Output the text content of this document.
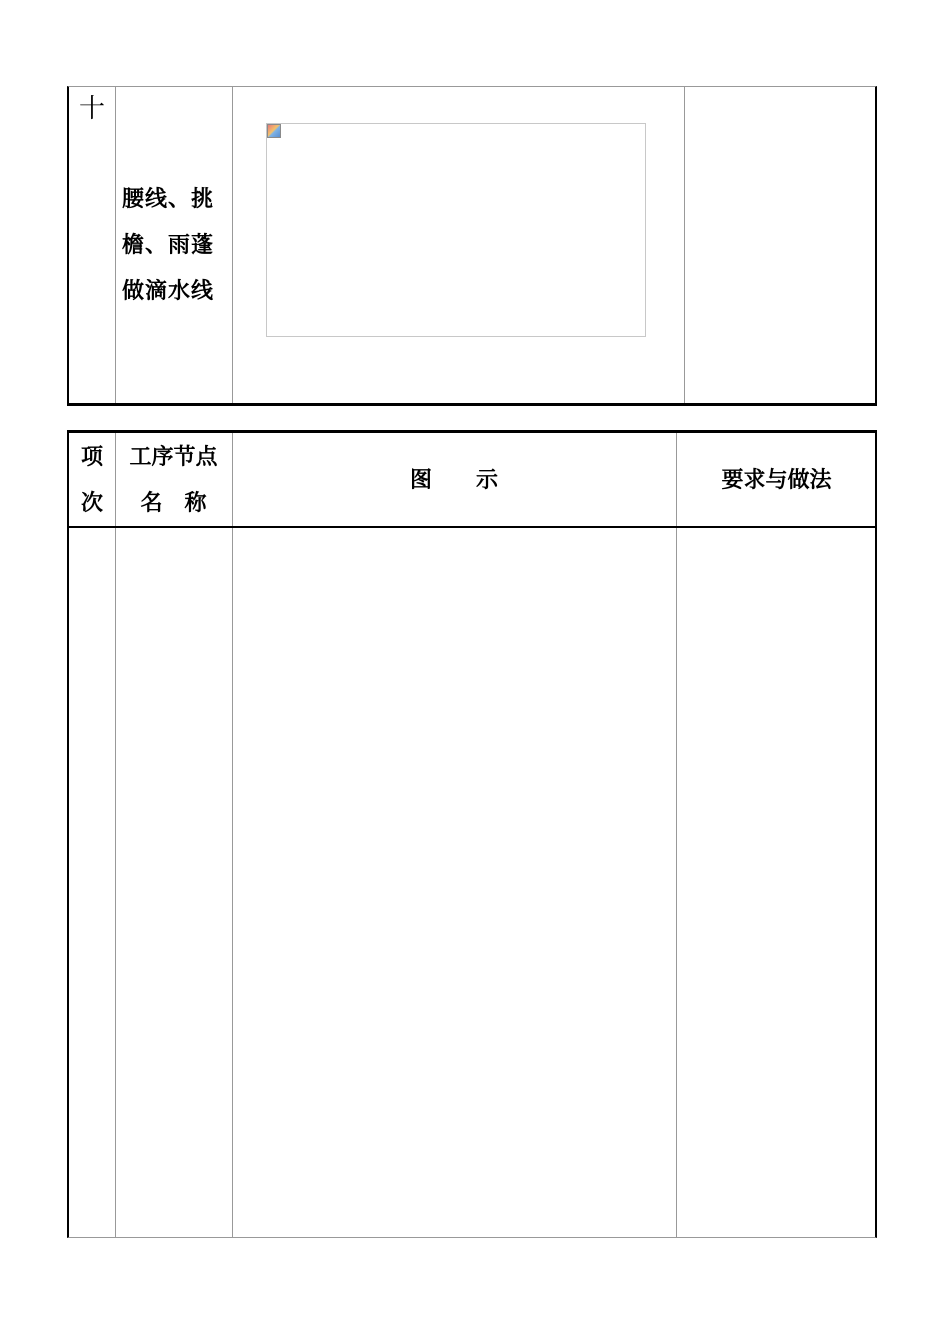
十
腰线、挑
檐、雨蓬
做滴水线
项
次
工序节点
名　称
图　　示	要求与做法
